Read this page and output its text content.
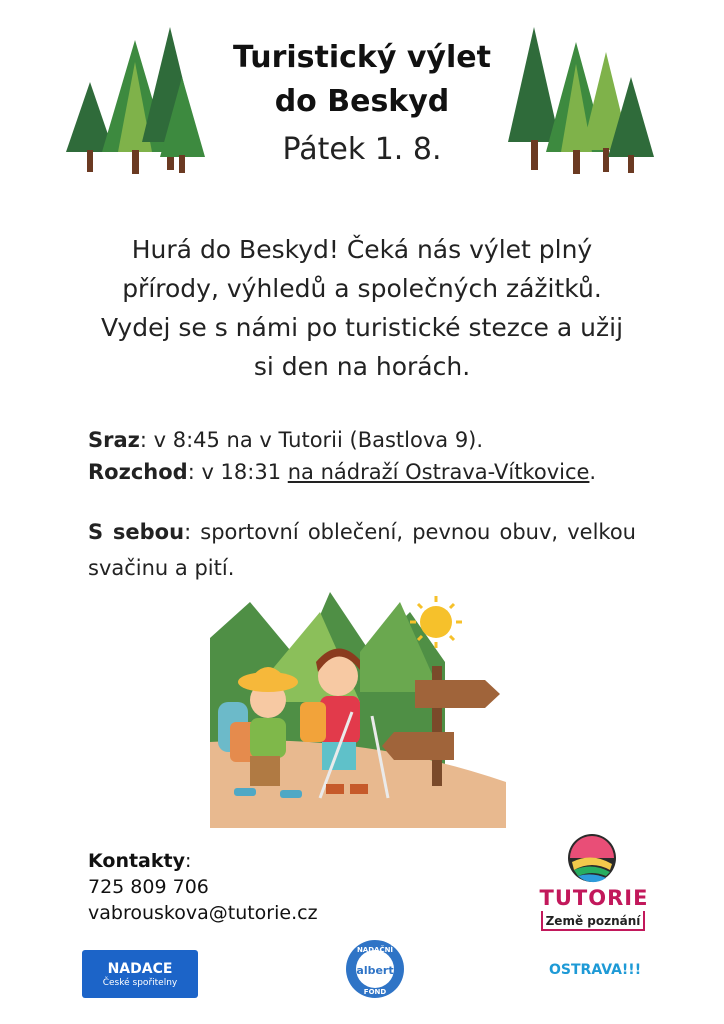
Turistický výlet
do Beskyd
Pátek 1. 8.
Hurá do Beskyd! Čeká nás výlet plný přírody, výhledů a společných zážitků. Vydej se s námi po turistické stezce a užij si den na horách.
Sraz: v 8:45 na v Tutorii (Bastlova 9).
Rozchod: v 18:31 na nádraží Ostrava-Vítkovice.
S sebou: sportovní oblečení, pevnou obuv, velkou svačinu a pití.
Kontakty:
725 809 706
vabrouskova@tutorie.cz
TUTORIE
Země poznání
NADACE
České spořitelny
NADAČNÍ
albert
FOND
OSTRAVA!!!
